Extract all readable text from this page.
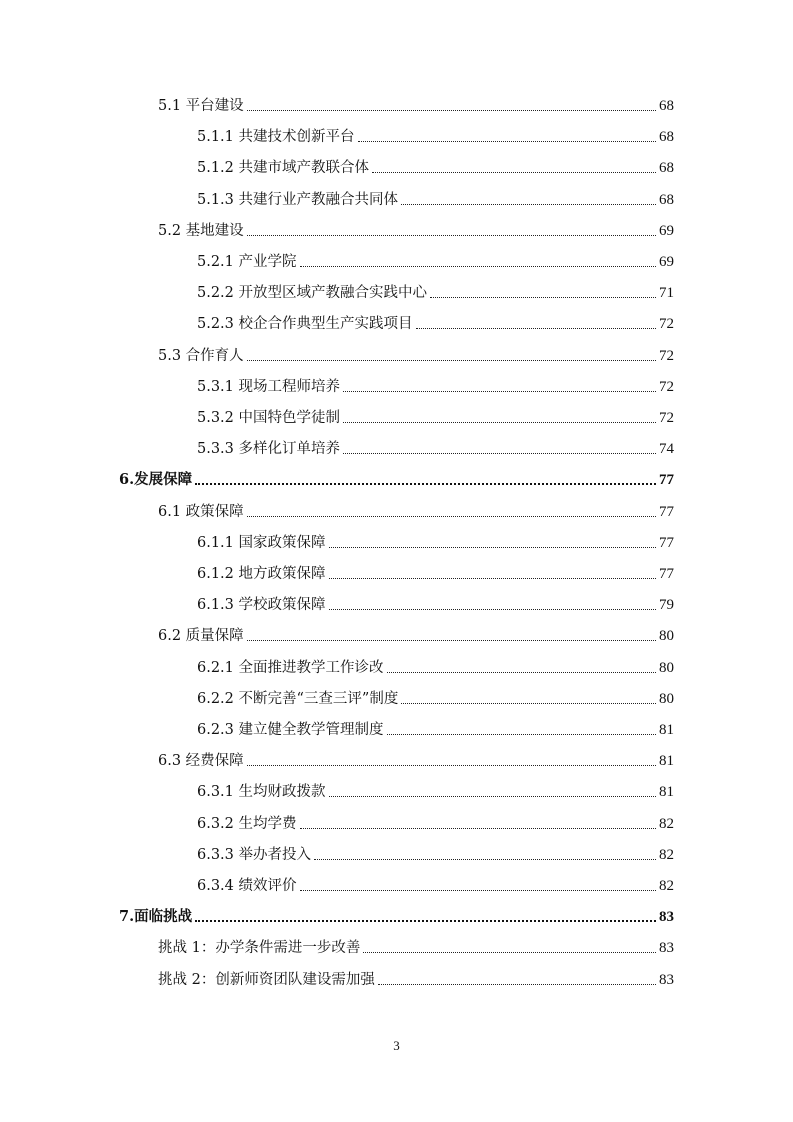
5.1 平台建设	68
5.1.1 共建技术创新平台	68
5.1.2 共建市域产教联合体	68
5.1.3 共建行业产教融合共同体	68
5.2 基地建设	69
5.2.1 产业学院	69
5.2.2 开放型区域产教融合实践中心	71
5.2.3 校企合作典型生产实践项目	72
5.3 合作育人	72
5.3.1 现场工程师培养	72
5.3.2 中国特色学徒制	72
5.3.3 多样化订单培养	74
6.发展保障	77
6.1 政策保障	77
6.1.1 国家政策保障	77
6.1.2 地方政策保障	77
6.1.3 学校政策保障	79
6.2 质量保障	80
6.2.1 全面推进教学工作诊改	80
6.2.2 不断完善“三查三评”制度	80
6.2.3 建立健全教学管理制度	81
6.3 经费保障	81
6.3.1 生均财政拨款	81
6.3.2 生均学费	82
6.3.3 举办者投入	82
6.3.4 绩效评价	82
7.面临挑战	83
挑战 1：办学条件需进一步改善	83
挑战 2：创新师资团队建设需加强	83
3
